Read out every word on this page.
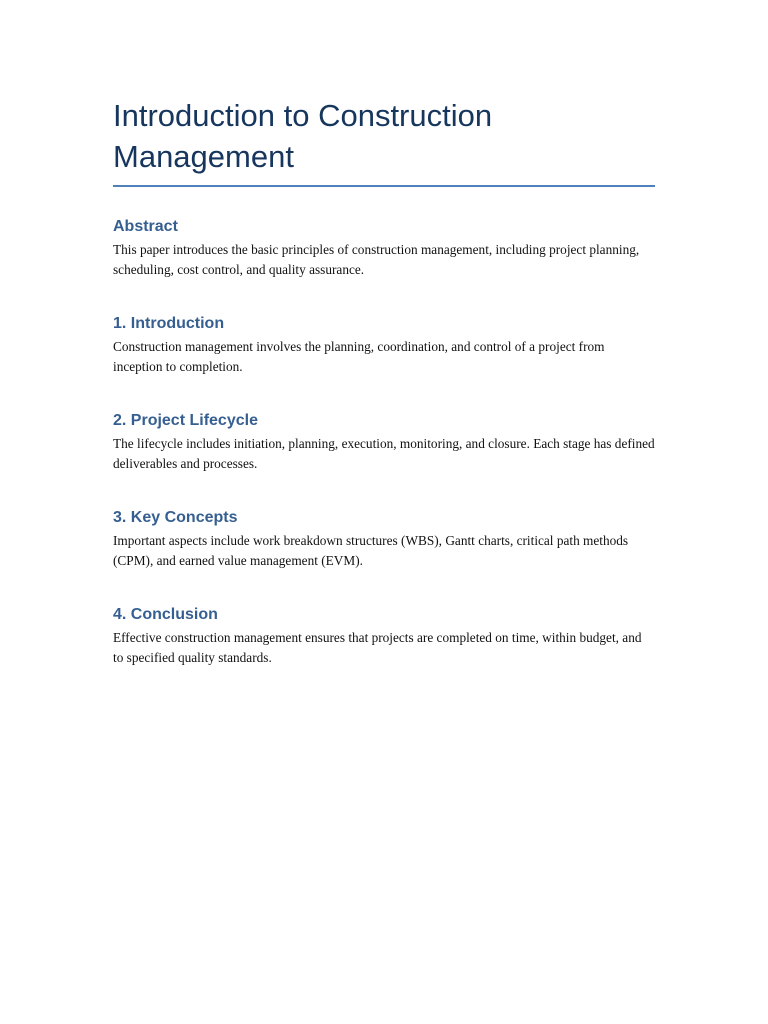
Introduction to Construction Management
Abstract

This paper introduces the basic principles of construction management, including project planning, scheduling, cost control, and quality assurance.

1. Introduction

Construction management involves the planning, coordination, and control of a project from inception to completion.

2. Project Lifecycle

The lifecycle includes initiation, planning, execution, monitoring, and closure. Each stage has defined deliverables and processes.

3. Key Concepts

Important aspects include work breakdown structures (WBS), Gantt charts, critical path methods (CPM), and earned value management (EVM).

4. Conclusion

Effective construction management ensures that projects are completed on time, within budget, and to specified quality standards.
